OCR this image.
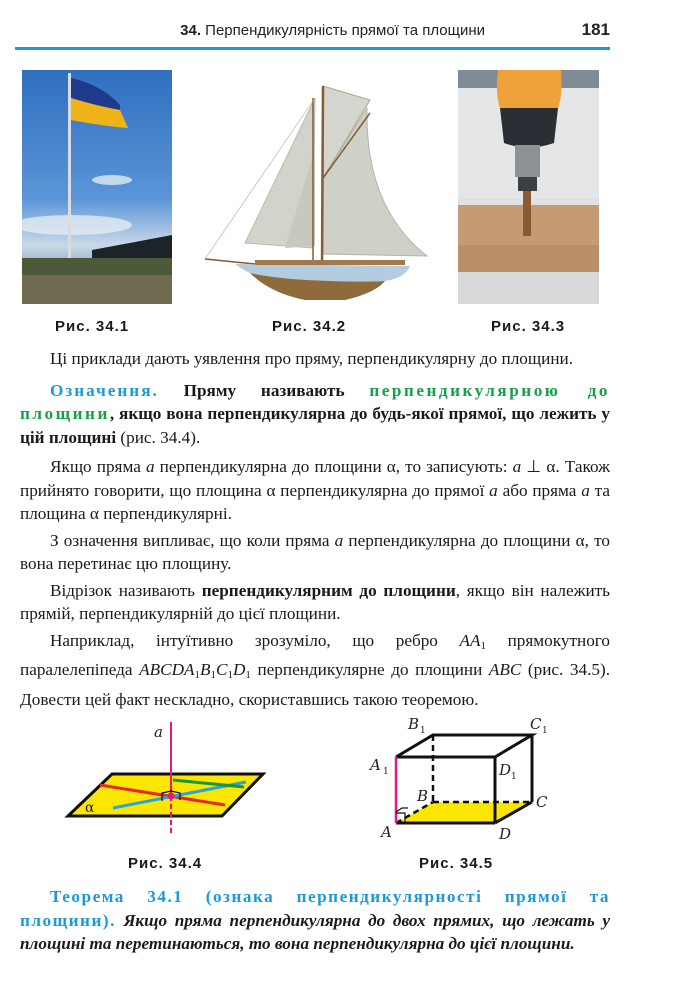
34. Перпендикулярність прямої та площини	181
Рис. 34.1	Рис. 34.2	Рис. 34.3

Ці приклади дають уявлення про пряму, перпендикулярну до площини.

Означення. Пряму називають перпендикулярною до площини, якщо вона перпендикулярна до будь-якої прямої, що лежить у цій площині (рис. 34.4).

Якщо пряма a перпендикулярна до площини α, то записують: a ⊥ α. Також прийнято говорити, що площина α перпендикулярна до прямої a або пряма a та площина α перпендикулярні.

З означення випливає, що коли пряма a перпендикулярна до площини α, то вона перетинає цю площину.

Відрізок називають перпендикулярним до площини, якщо він належить прямій, перпендикулярній до цієї площини.

Наприклад, інтуїтивно зрозуміло, що ребро $AA_1$ прямокутного паралелепіпеда $ABCDA_1B_1C_1D_1$ перпендикулярне до площини ABC (рис. 34.5). Довести цей факт нескладно, скориставшись такою теоремою.

a
α
Рис. 34.4
A	D
C
B
A
B	C
D
1
1	1
1
Рис. 34.5

Теорема 34.1 (ознака перпендикулярності прямої та площини). Якщо пряма перпендикулярна до двох прямих, що лежать у площині та перетинаються, то вона перпендикулярна до цієї площини.
